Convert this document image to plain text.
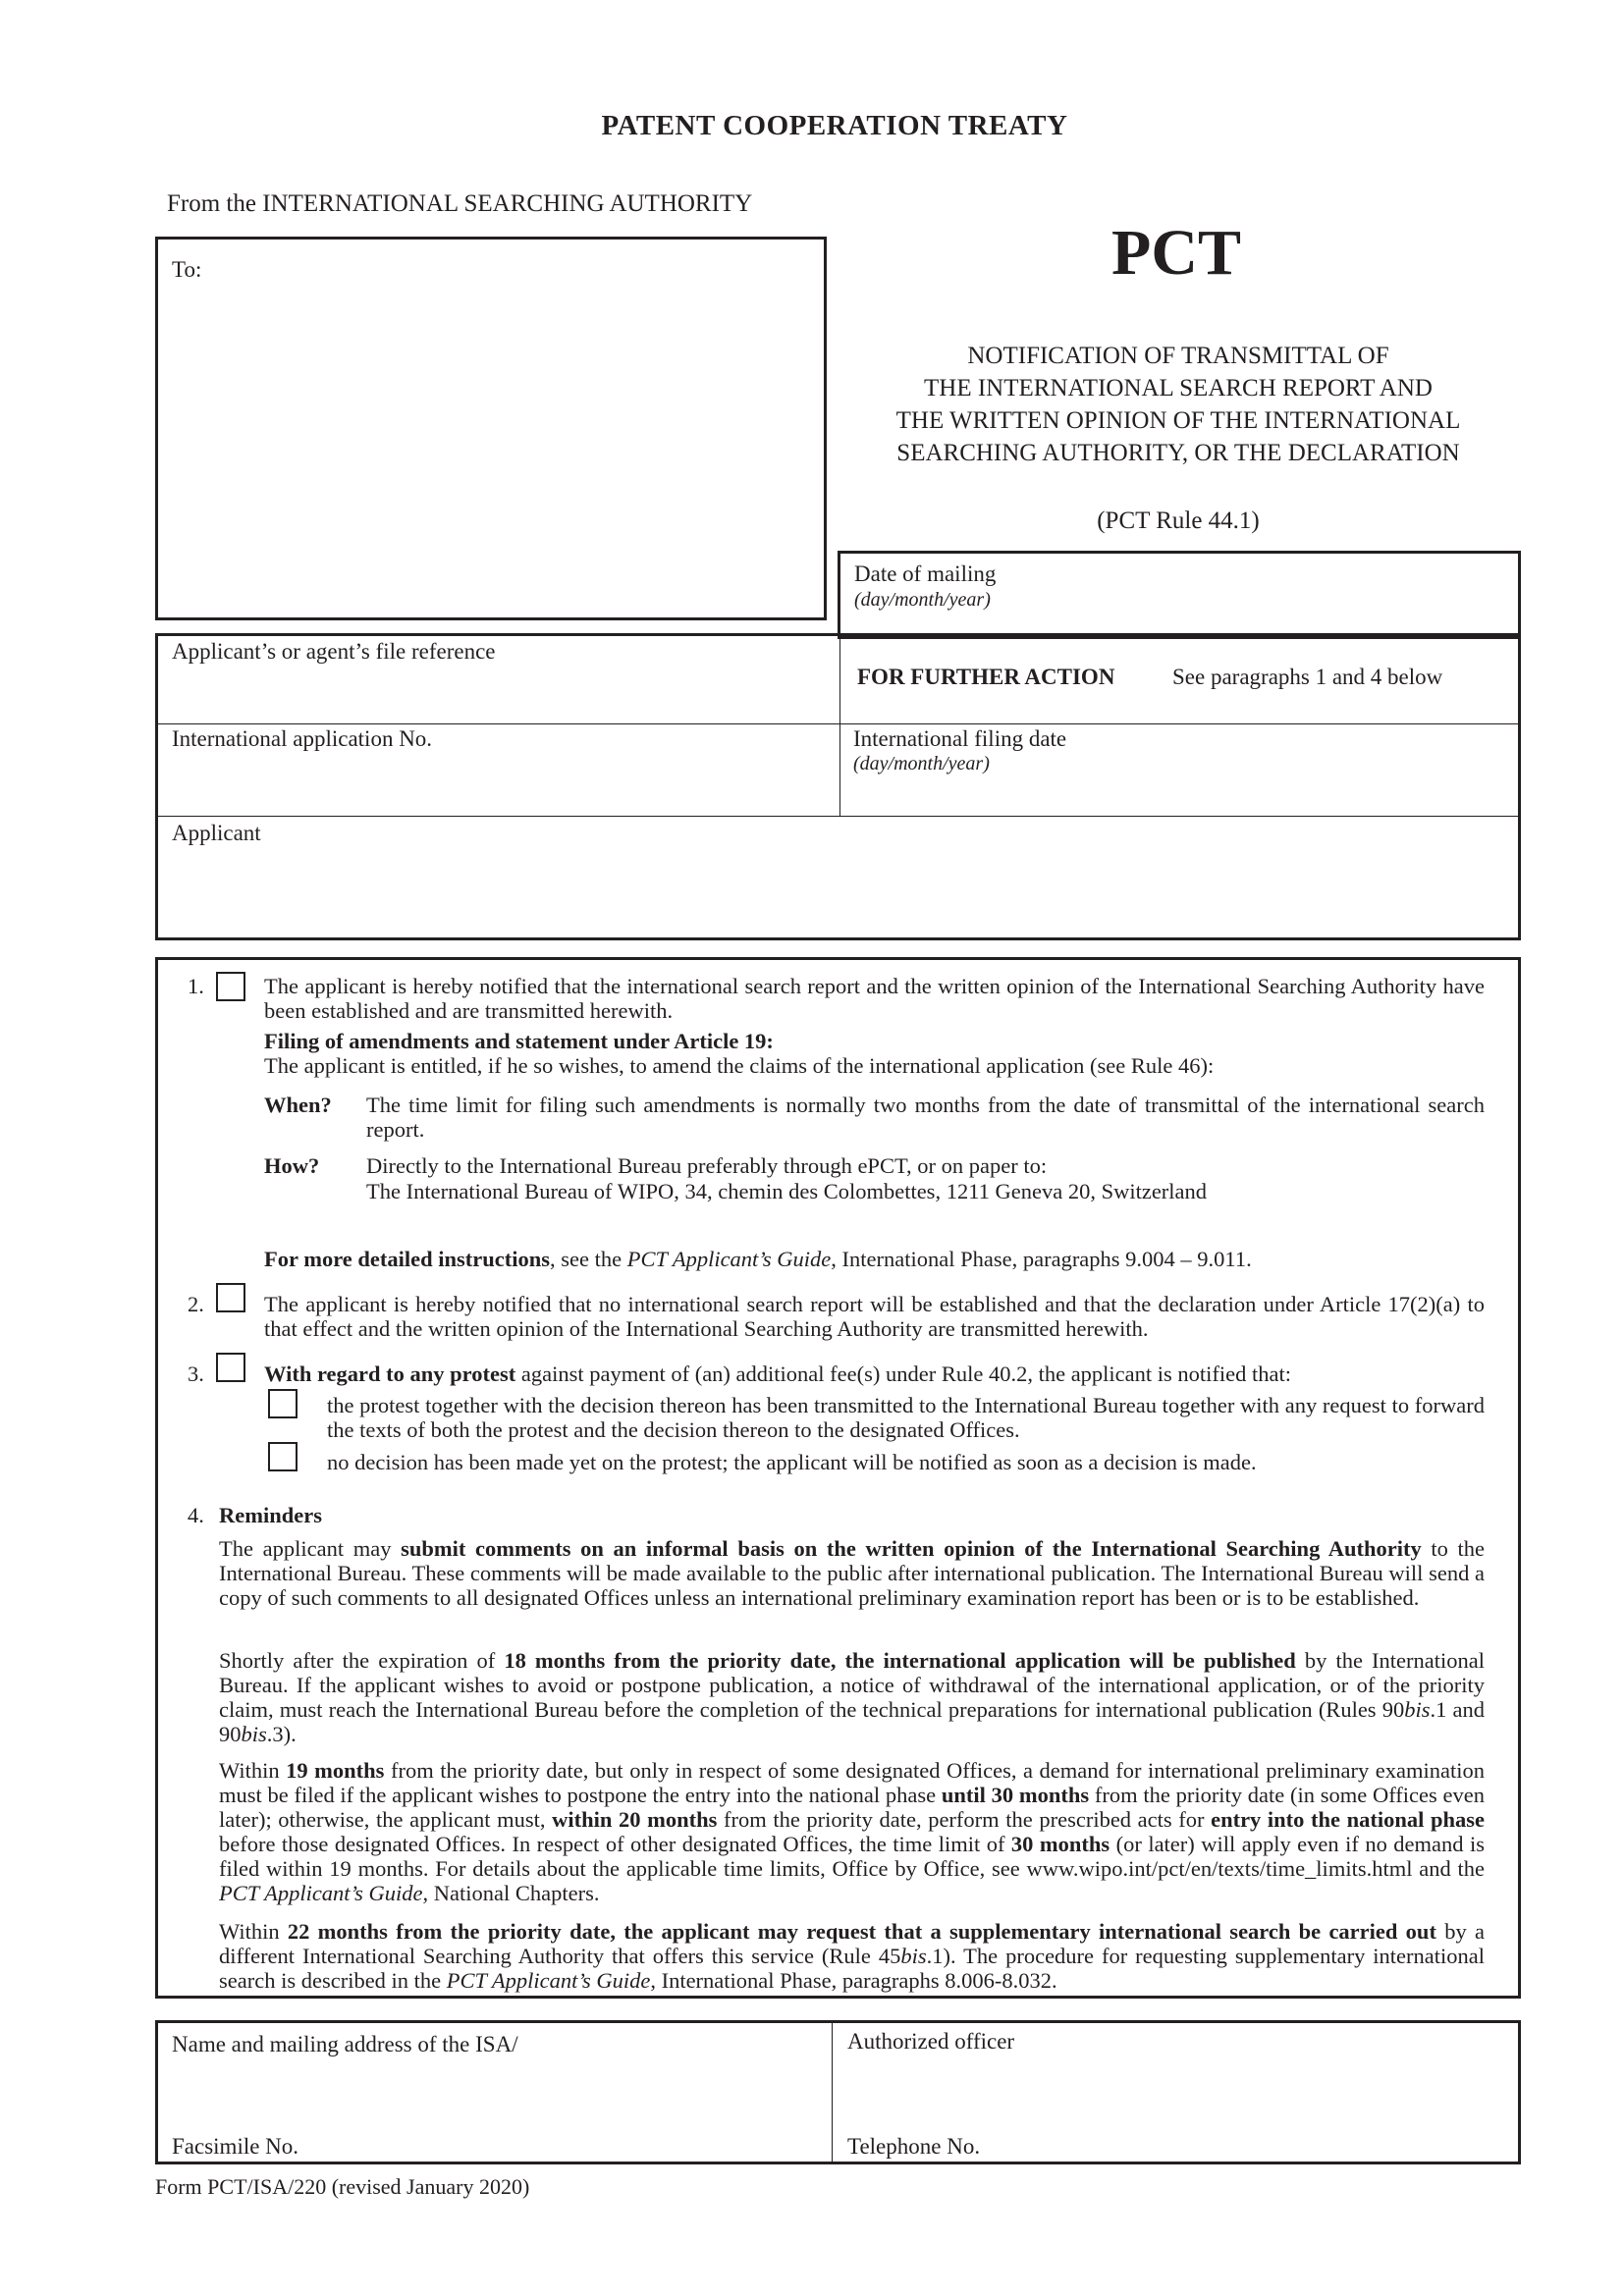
PATENT COOPERATION TREATY
From the INTERNATIONAL SEARCHING AUTHORITY
To:	PCT
NOTIFICATION OF TRANSMITTAL OF
THE INTERNATIONAL SEARCH REPORT AND
THE WRITTEN OPINION OF THE INTERNATIONAL
SEARCHING AUTHORITY, OR THE DECLARATION
(PCT Rule 44.1)
Date of mailing
(day/month/year)
Applicant’s or agent’s file reference
FOR FURTHER ACTION	See paragraphs 1 and 4 below
International application No.	International filing date
(day/month/year)
Applicant
1.	The applicant is hereby notified that the international search report and the written opinion of the International Searching Authority have been established and are transmitted herewith.
Filing of amendments and statement under Article 19:
The applicant is entitled, if he so wishes, to amend the claims of the international application (see Rule 46):
When? The time limit for filing such amendments is normally two months from the date of transmittal of the international search report.
How? Directly to the International Bureau preferably through ePCT, or on paper to:
The International Bureau of WIPO, 34, chemin des Colombettes, 1211 Geneva 20, Switzerland
For more detailed instructions, see the PCT Applicant’s Guide, International Phase, paragraphs 9.004 – 9.011.
2.	The applicant is hereby notified that no international search report will be established and that the declaration under Article 17(2)(a) to that effect and the written opinion of the International Searching Authority are transmitted herewith.
3.	With regard to any protest against payment of (an) additional fee(s) under Rule 40.2, the applicant is notified that:
the protest together with the decision thereon has been transmitted to the International Bureau together with any request to forward the texts of both the protest and the decision thereon to the designated Offices.
no decision has been made yet on the protest; the applicant will be notified as soon as a decision is made.
4. Reminders
The applicant may submit comments on an informal basis on the written opinion of the International Searching Authority to the International Bureau. These comments will be made available to the public after international publication. The International Bureau will send a copy of such comments to all designated Offices unless an international preliminary examination report has been or is to be established.
Shortly after the expiration of 18 months from the priority date, the international application will be published by the International Bureau. If the applicant wishes to avoid or postpone publication, a notice of withdrawal of the international application, or of the priority claim, must reach the International Bureau before the completion of the technical preparations for international publication (Rules 90bis.1 and 90bis.3).
Within 19 months from the priority date, but only in respect of some designated Offices, a demand for international preliminary examination must be filed if the applicant wishes to postpone the entry into the national phase until 30 months from the priority date (in some Offices even later); otherwise, the applicant must, within 20 months from the priority date, perform the prescribed acts for entry into the national phase before those designated Offices. In respect of other designated Offices, the time limit of 30 months (or later) will apply even if no demand is filed within 19 months. For details about the applicable time limits, Office by Office, see www.wipo.int/pct/en/texts/time_limits.html and the PCT Applicant’s Guide, National Chapters.
Within 22 months from the priority date, the applicant may request that a supplementary international search be carried out by a different International Searching Authority that offers this service (Rule 45bis.1). The procedure for requesting supplementary international search is described in the PCT Applicant’s Guide, International Phase, paragraphs 8.006-8.032.
Name and mailing address of the ISA/	Authorized officer
Facsimile No.	Telephone No.
Form PCT/ISA/220 (revised January 2020)
